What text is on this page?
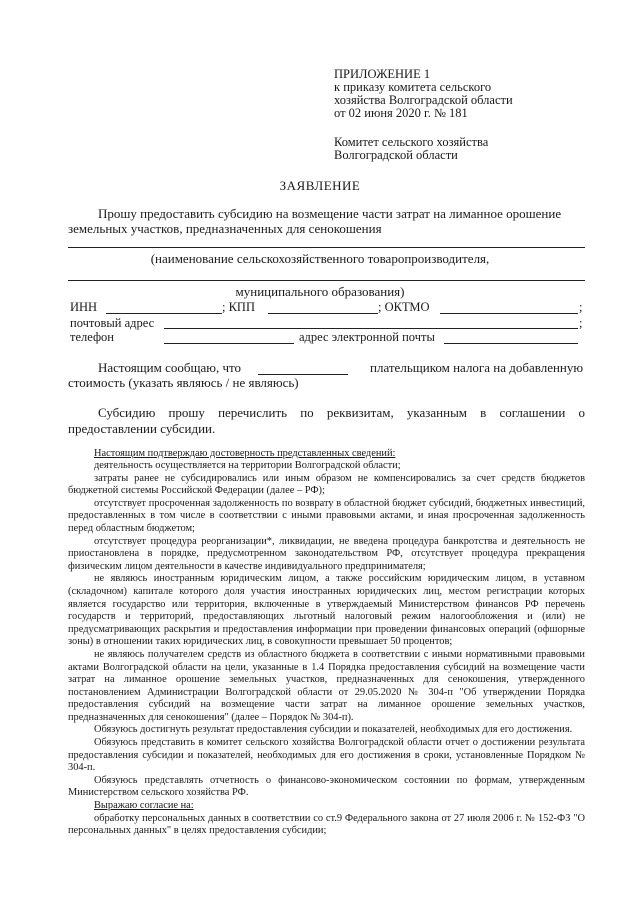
ПРИЛОЖЕНИЕ 1
к приказу комитета сельского
хозяйства Волгоградской области
от 02 июня 2020 г. № 181
Комитет сельского хозяйства
Волгоградской области
ЗАЯВЛЕНИЕ
Прошу предоставить субсидию на возмещение части затрат на лиманное орошение
земельных участков, предназначенных для сенокошения
(наименование сельскохозяйственного товаропроизводителя,
муниципального образования)
ИНН	; КПП	; ОКТМО	;
почтовый адрес	;
телефон	адрес электронной почты
Настоящим сообщаю, что	плательщиком налога на добавленную
стоимость (указать являюсь / не являюсь)
Субсидию прошу перечислить по реквизитам, указанным в соглашении о
предоставлении субсидии.
Настоящим подтверждаю достоверность представленных сведений:

деятельность осуществляется на территории Волгоградской области;

затраты ранее не субсидировались или иным образом не компенсировались за счет средств бюджетов бюджетной системы Российской Федерации (далее – РФ);

отсутствует просроченная задолженность по возврату в областной бюджет субсидий, бюджетных инвестиций, предоставленных в том числе в соответствии с иными правовыми актами, и иная просроченная задолженность перед областным бюджетом;

отсутствует процедура реорганизации*, ликвидации, не введена процедура банкротства и деятельность не приостановлена в порядке, предусмотренном законодательством РФ, отсутствует процедура прекращения физическим лицом деятельности в качестве индивидуального предпринимателя;

не являюсь иностранным юридическим лицом, а также российским юридическим лицом, в уставном (складочном) капитале которого доля участия иностранных юридических лиц, местом регистрации которых является государство или территория, включенные в утверждаемый Министерством финансов РФ перечень государств и территорий, предоставляющих льготный налоговый режим налогообложения и (или) не предусматривающих раскрытия и предоставления информации при проведении финансовых операций (офшорные зоны) в отношении таких юридических лиц, в совокупности превышает 50 процентов;

не являюсь получателем средств из областного бюджета в соответствии с иными нормативными правовыми актами Волгоградской области на цели, указанные в 1.4 Порядка предоставления субсидий на возмещение части затрат на лиманное орошение земельных участков, предназначенных для сенокошения, утвержденного постановлением Администрации Волгоградской области от 29.05.2020 № 304-п "Об утверждении Порядка предоставления субсидий на возмещение части затрат на лиманное орошение земельных участков, предназначенных для сенокошения" (далее – Порядок № 304-п).

Обязуюсь достигнуть результат предоставления субсидии и показателей, необходимых для его достижения.

Обязуюсь представить в комитет сельского хозяйства Волгоградской области отчет о достижении результата предоставления субсидии и показателей, необходимых для его достижения в сроки, установленные Порядком № 304-п.

Обязуюсь представлять отчетность о финансово-экономическом состоянии по формам, утвержденным Министерством сельского хозяйства РФ.

Выражаю согласие на:

обработку персональных данных в соответствии со ст.9 Федерального закона от 27 июля 2006 г. № 152-ФЗ "О персональных данных" в целях предоставления субсидии;
